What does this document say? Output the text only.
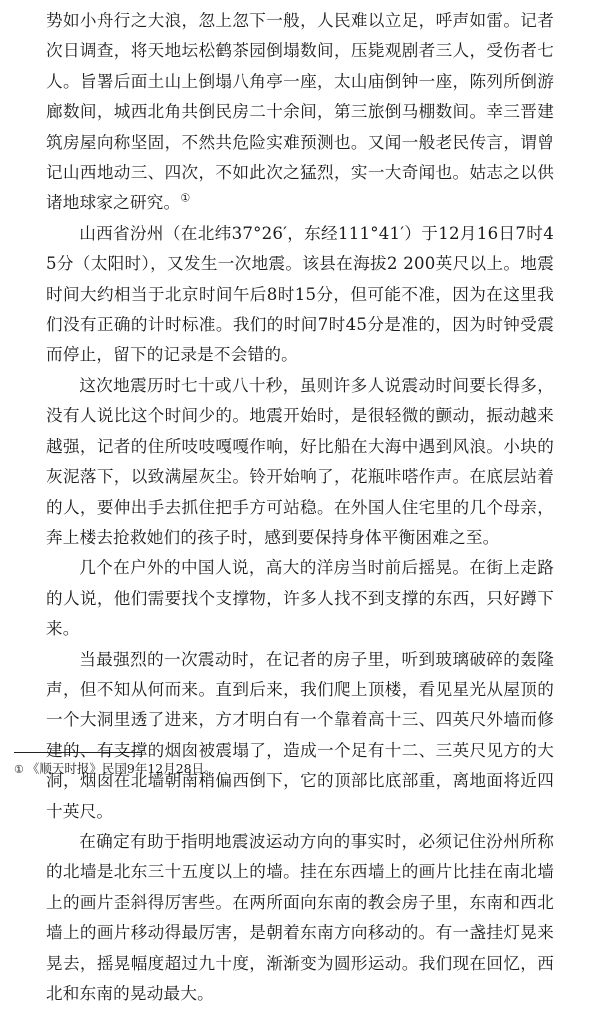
势如小舟行之大浪，忽上忽下一般，人民难以立足，呼声如雷。记者次日调查，将天地坛松鹤茶园倒塌数间，压毙观剧者三人，受伤者七人。旨署后面土山上倒塌八角亭一座，太山庙倒钟一座，陈列所倒游廊数间，城西北角共倒民房二十余间，第三旅倒马棚数间。幸三晋建筑房屋向称坚固，不然共危险实难预测也。又闻一般老民传言，谓曾记山西地动三、四次，不如此次之猛烈，实一大奇闻也。姑志之以供诸地球家之研究。①

山西省汾州（在北纬37°26′，东经111°41′）于12月16日7时45分（太阳时），又发生一次地震。该县在海拔2 200英尺以上。地震时间大约相当于北京时间午后8时15分，但可能不准，因为在这里我们没有正确的计时标准。我们的时间7时45分是准的，因为时钟受震而停止，留下的记录是不会错的。

这次地震历时七十或八十秒，虽则许多人说震动时间要长得多，没有人说比这个时间少的。地震开始时，是很轻微的颤动，振动越来越强，记者的住所吱吱嘎嘎作响，好比船在大海中遇到风浪。小块的灰泥落下，以致满屋灰尘。铃开始响了，花瓶咔嗒作声。在底层站着的人，要伸出手去抓住把手方可站稳。在外国人住宅里的几个母亲，奔上楼去抢救她们的孩子时，感到要保持身体平衡困难之至。

几个在户外的中国人说，高大的洋房当时前后摇晃。在街上走路的人说，他们需要找个支撑物，许多人找不到支撑的东西，只好蹲下来。

当最强烈的一次震动时，在记者的房子里，听到玻璃破碎的轰隆声，但不知从何而来。直到后来，我们爬上顶楼，看见星光从屋顶的一个大洞里透了进来，方才明白有一个靠着高十三、四英尺外墙而修建的、有支撑的烟囱被震塌了，造成一个足有十二、三英尺见方的大洞，烟囱在北墙朝南稍偏西倒下，它的顶部比底部重，离地面将近四十英尺。

在确定有助于指明地震波运动方向的事实时，必须记住汾州所称的北墙是北东三十五度以上的墙。挂在东西墙上的画片比挂在南北墙上的画片歪斜得厉害些。在两所面向东南的教会房子里，东南和西北墙上的画片移动得最厉害，是朝着东南方向移动的。有一盏挂灯晃来晃去，摇晃幅度超过九十度，渐渐变为圆形运动。我们现在回忆，西北和东南的晃动最大。

① 《顺天时报》民国9年12月28日。
